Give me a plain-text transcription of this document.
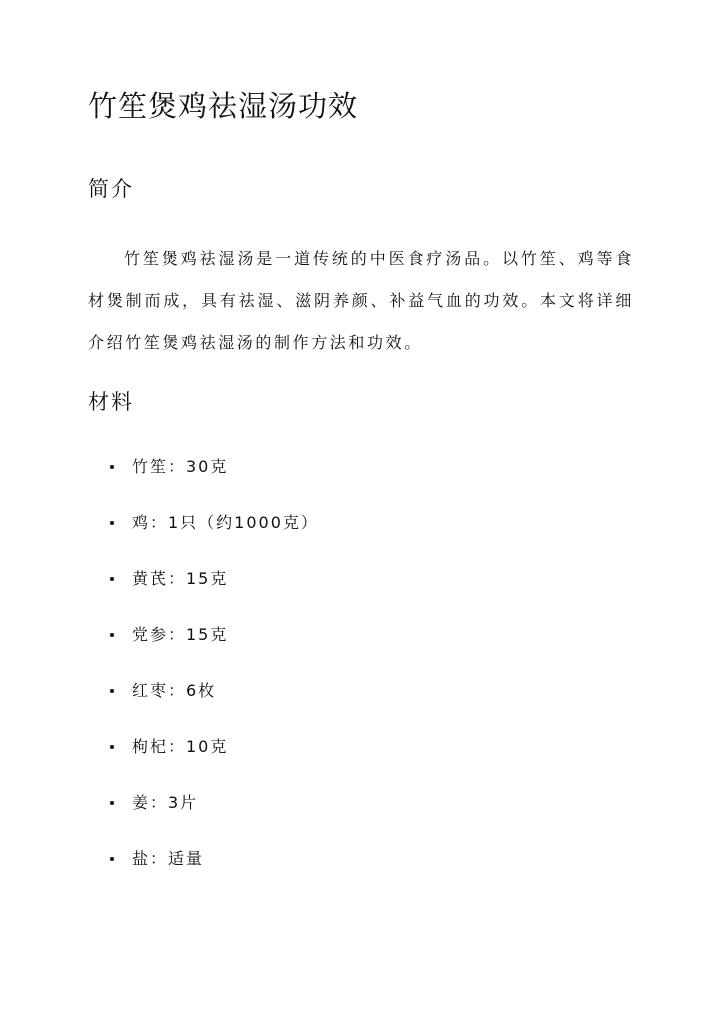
竹笙煲鸡祛湿汤功效
简介

竹笙煲鸡祛湿汤是一道传统的中医食疗汤品。以竹笙、鸡等食材煲制而成，具有祛湿、滋阴养颜、补益气血的功效。本文将详细介绍竹笙煲鸡祛湿汤的制作方法和功效。

材料
竹笙：30克
鸡：1只（约1000克）
黄芪：15克
党参：15克
红枣：6枚
枸杞：10克
姜：3片
盐：适量
